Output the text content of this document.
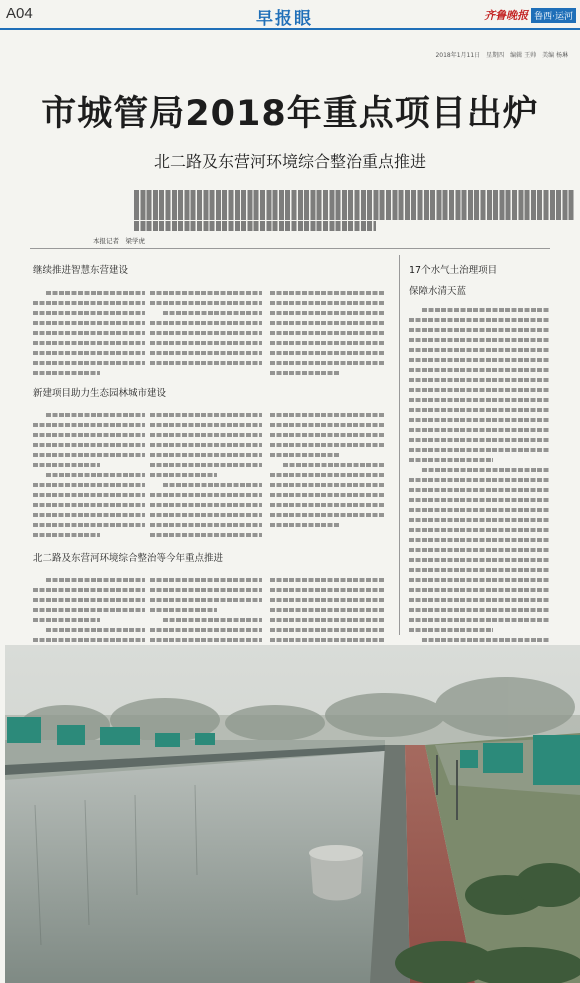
A04	早报眼	齐鲁晚报 鲁西·运河
2018年1月11日　星期四　编辑 王帅　美编 杨琳
市城管局2018年重点项目出炉
北二路及东营河环境综合整治重点推进
本报记者　梁学虎
继续推进智慧东营建设
新建项目助力生态园林城市建设
北二路及东营河环境综合整治等今年重点推进
17个水气土治理项目
保障水清天蓝
